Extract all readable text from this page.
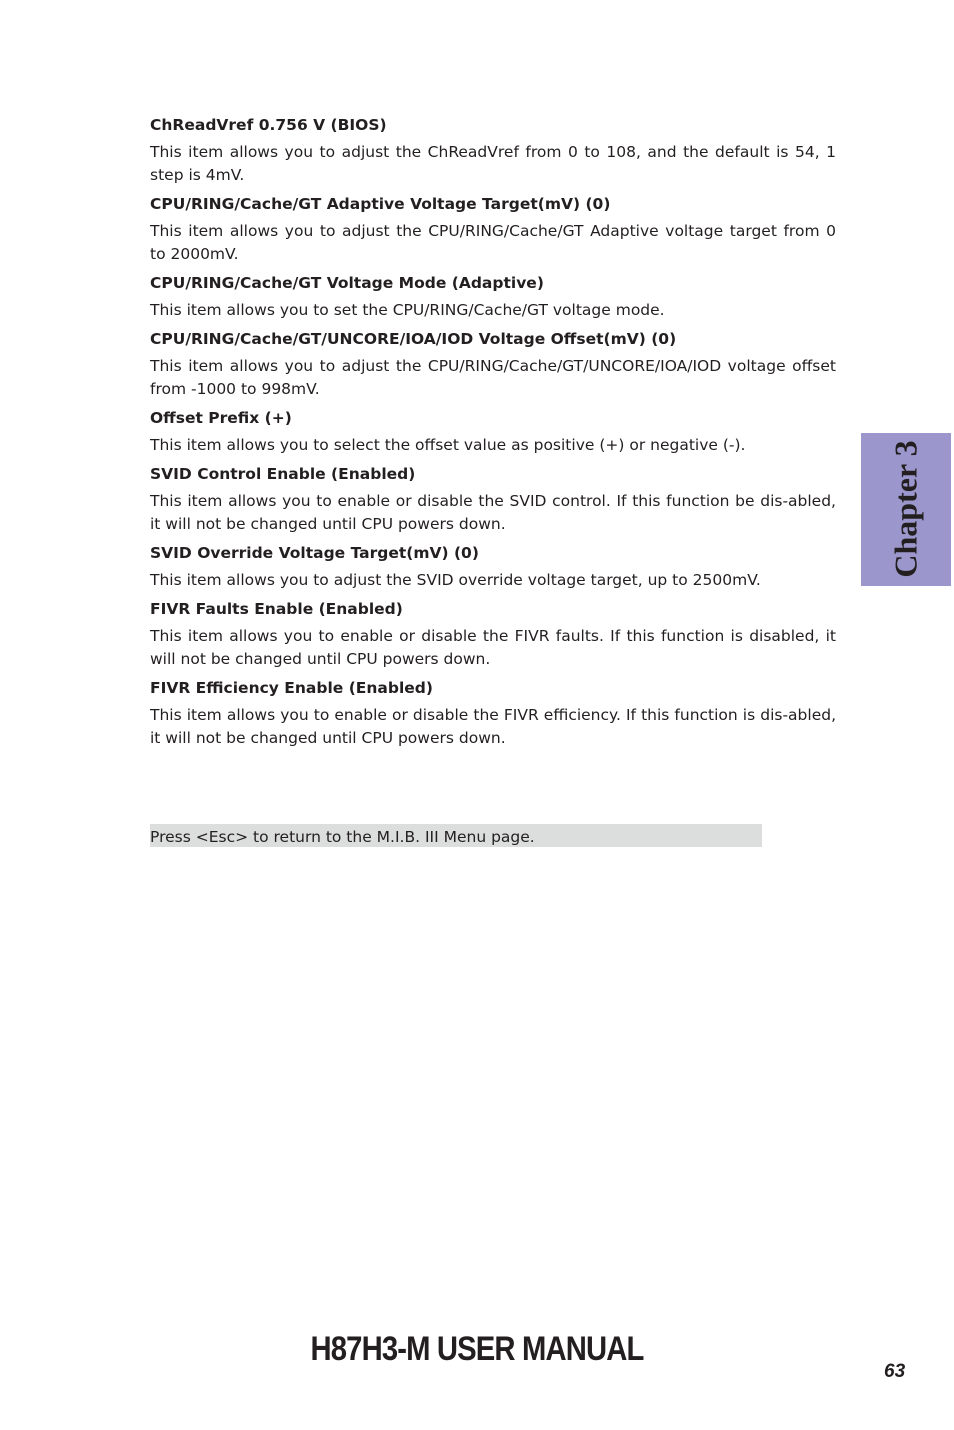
ChReadVref 0.756 V (BIOS)

This item allows you to adjust the ChReadVref from 0 to 108, and the default is 54, 1 step is 4mV.

CPU/RING/Cache/GT Adaptive Voltage Target(mV) (0)

This item allows you to adjust the CPU/RING/Cache/GT Adaptive voltage target from 0 to 2000mV.

CPU/RING/Cache/GT Voltage Mode (Adaptive)

This item allows you to set the CPU/RING/Cache/GT voltage mode.

CPU/RING/Cache/GT/UNCORE/IOA/IOD Voltage Offset(mV) (0)

This item allows you to adjust the CPU/RING/Cache/GT/UNCORE/IOA/IOD voltage offset from -1000 to 998mV.

Offset Prefix (+)

This item allows you to select the offset value as positive (+) or negative (-).

SVID Control Enable (Enabled)

This item allows you to enable or disable the SVID control. If this function be dis-abled, it will not be changed until CPU powers down.

SVID Override Voltage Target(mV) (0)

This item allows you to adjust the SVID override voltage target, up to 2500mV.

FIVR Faults Enable (Enabled)

This item allows you to enable or disable the FIVR faults. If this function is disabled, it will not be changed until CPU powers down.

FIVR Efficiency Enable (Enabled)

This item allows you to enable or disable the FIVR efficiency. If this function is dis-abled, it will not be changed until CPU powers down.

Press <Esc> to return to the M.I.B. III Menu page.
Chapter 3
H87H3-M USER MANUAL
63
